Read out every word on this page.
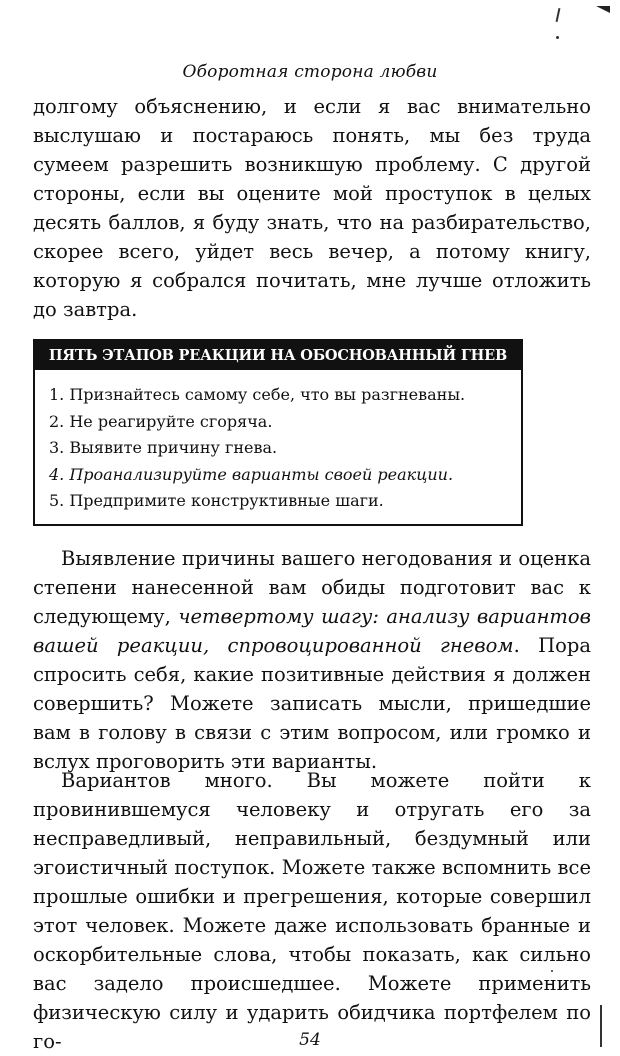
Оборотная сторона любви

долгому объяснению, и если я вас внимательно выслушаю и постараюсь понять, мы без труда сумеем разрешить возникшую проблему. С другой стороны, если вы оцените мой проступок в целых десять баллов, я буду знать, что на разбирательство, скорее всего, уйдет весь вечер, а потому книгу, которую я собрался почитать, мне лучше отложить до завтра.

ПЯТЬ ЭТАПОВ РЕАКЦИИ НА ОБОСНОВАННЫЙ ГНЕВ
1. Признайтесь самому себе, что вы разгневаны.
2. Не реагируйте сгоряча.
3. Выявите причину гнева.
4. Проанализируйте варианты своей реакции.
5. Предпримите конструктивные шаги.

Выявление причины вашего негодования и оценка степени нанесенной вам обиды подготовит вас к следующему, четвертому шагу: анализу вариантов вашей реакции, спровоцированной гневом. Пора спросить себя, какие позитивные действия я должен совершить? Можете записать мысли, пришедшие вам в голову в связи с этим вопросом, или громко и вслух проговорить эти варианты.

Вариантов много. Вы можете пойти к провинившемуся человеку и отругать его за несправедливый, неправильный, бездумный или эгоистичный поступок. Можете также вспомнить все прошлые ошибки и прегрешения, которые совершил этот человек. Можете даже использовать бранные и оскорбительные слова, чтобы показать, как сильно вас задело происшедшее. Можете применить физическую силу и ударить обидчика портфелем по го-	54
